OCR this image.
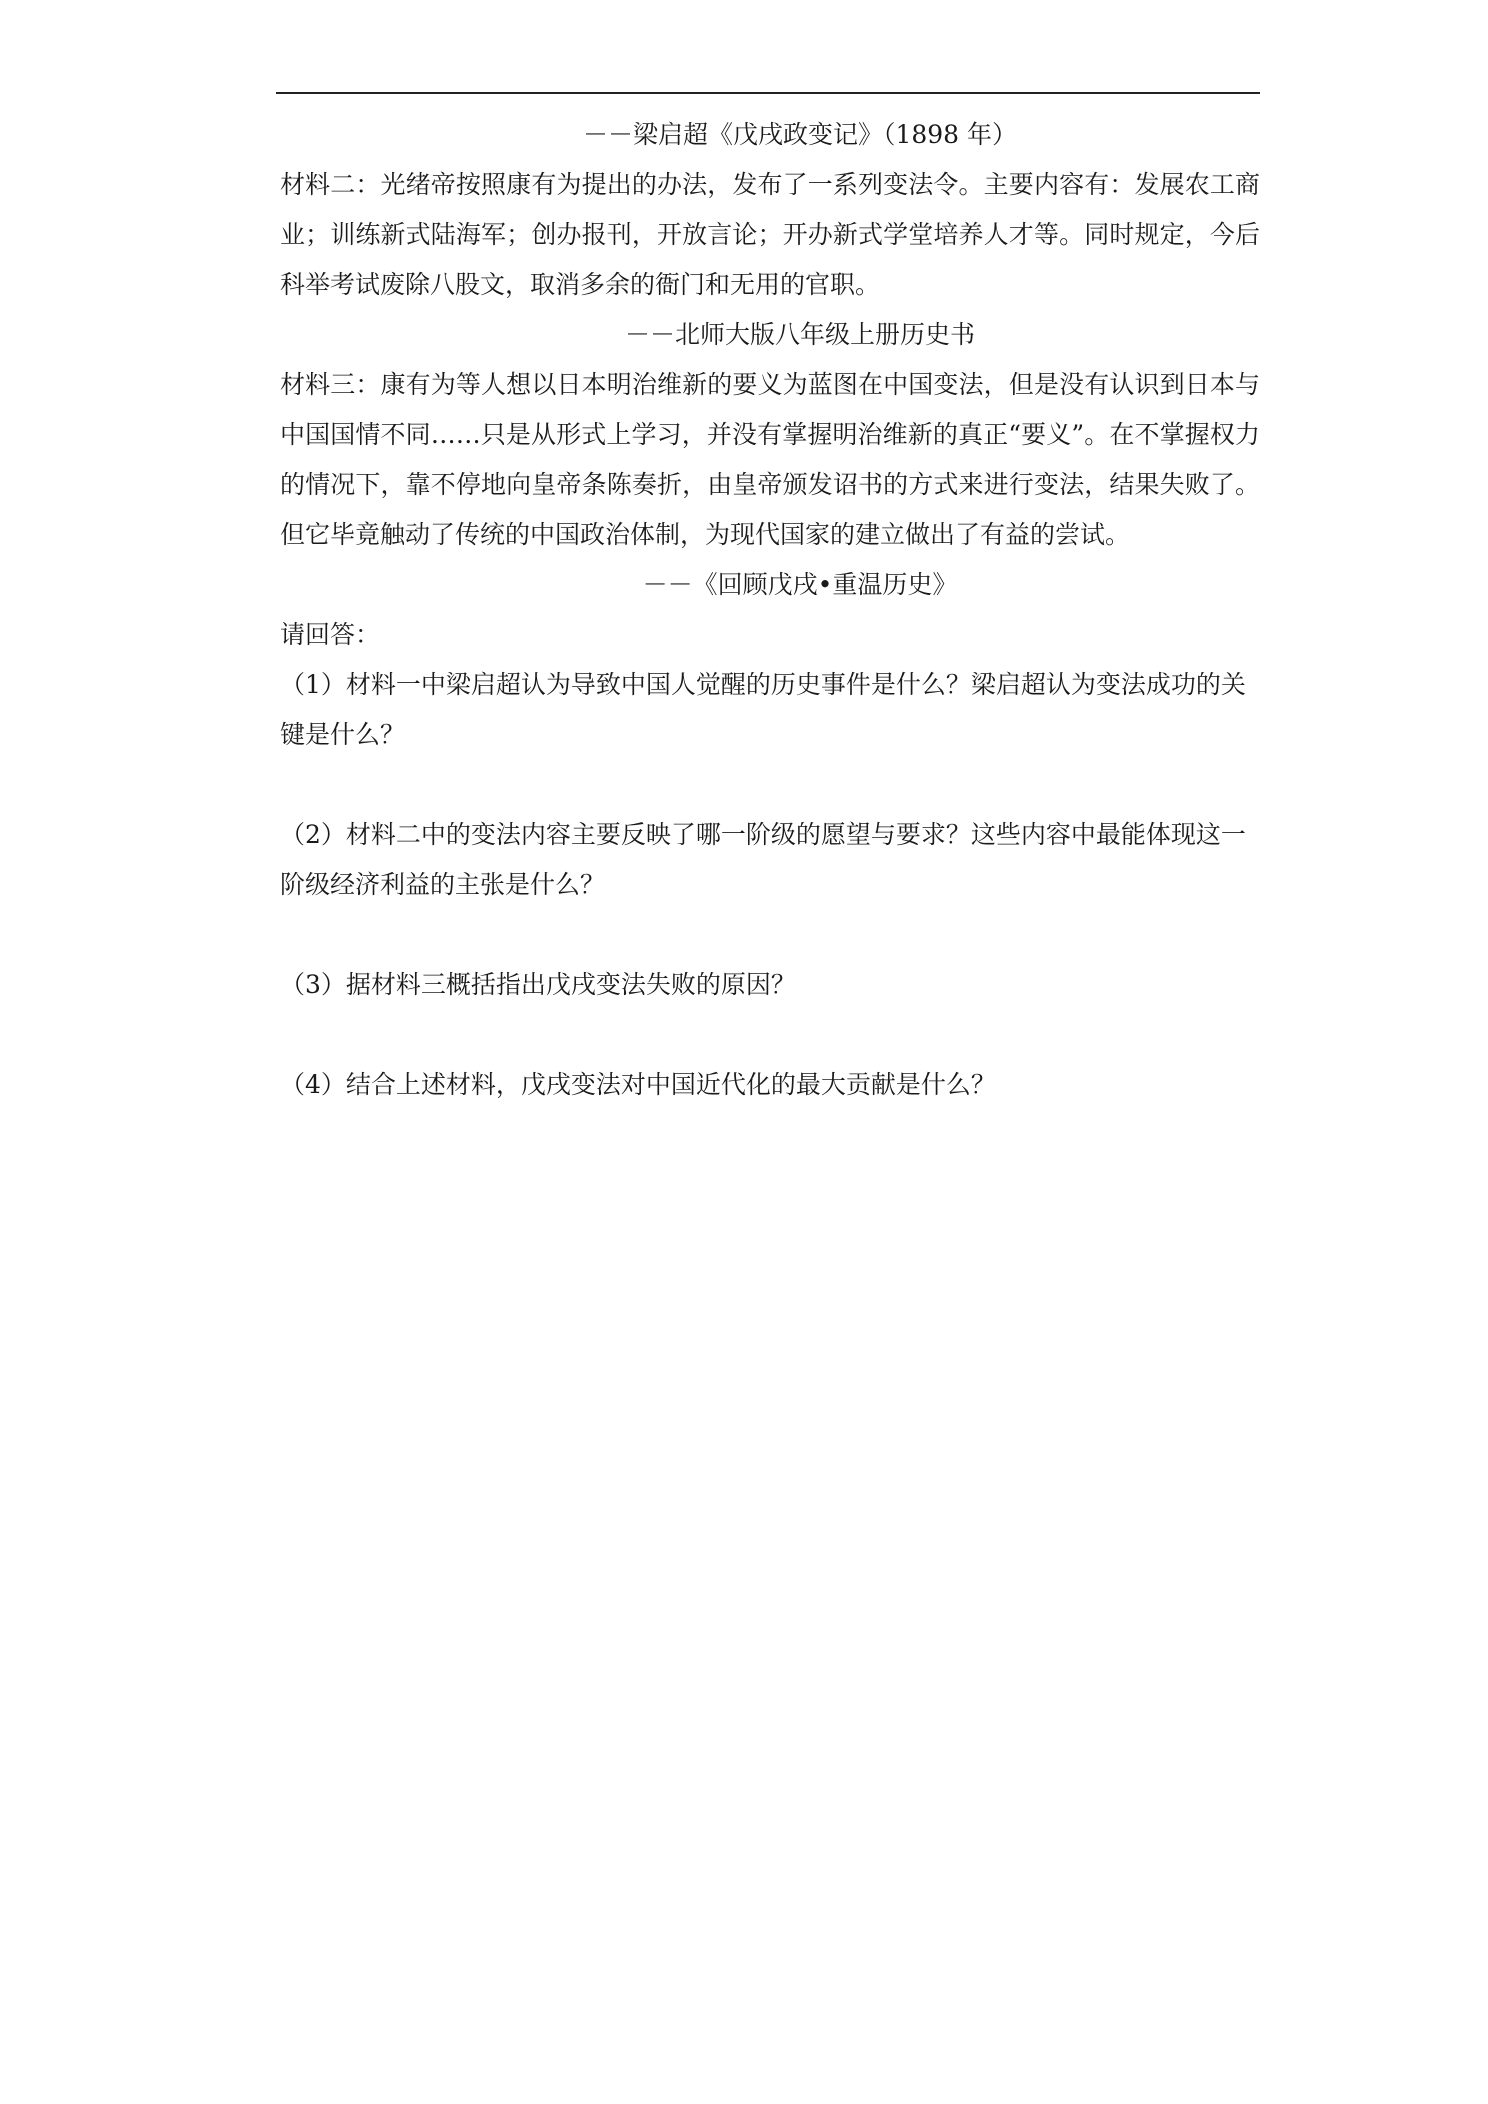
－－梁启超《戊戌政变记》（1898 年）

材料二：光绪帝按照康有为提出的办法，发布了一系列变法令。主要内容有：发展农工商业；训练新式陆海军；创办报刊，开放言论；开办新式学堂培养人才等。同时规定，今后科举考试废除八股文，取消多余的衙门和无用的官职。

－－北师大版八年级上册历史书

材料三：康有为等人想以日本明治维新的要义为蓝图在中国变法，但是没有认识到日本与中国国情不同……只是从形式上学习，并没有掌握明治维新的真正“要义”。在不掌握权力的情况下，靠不停地向皇帝条陈奏折，由皇帝颁发诏书的方式来进行变法，结果失败了。但它毕竟触动了传统的中国政治体制，为现代国家的建立做出了有益的尝试。

－－《回顾戊戌•重温历史》

请回答：

（1）材料一中梁启超认为导致中国人觉醒的历史事件是什么？梁启超认为变法成功的关键是什么？

（2）材料二中的变法内容主要反映了哪一阶级的愿望与要求？这些内容中最能体现这一阶级经济利益的主张是什么？

（3）据材料三概括指出戊戌变法失败的原因？

（4）结合上述材料，戊戌变法对中国近代化的最大贡献是什么？
